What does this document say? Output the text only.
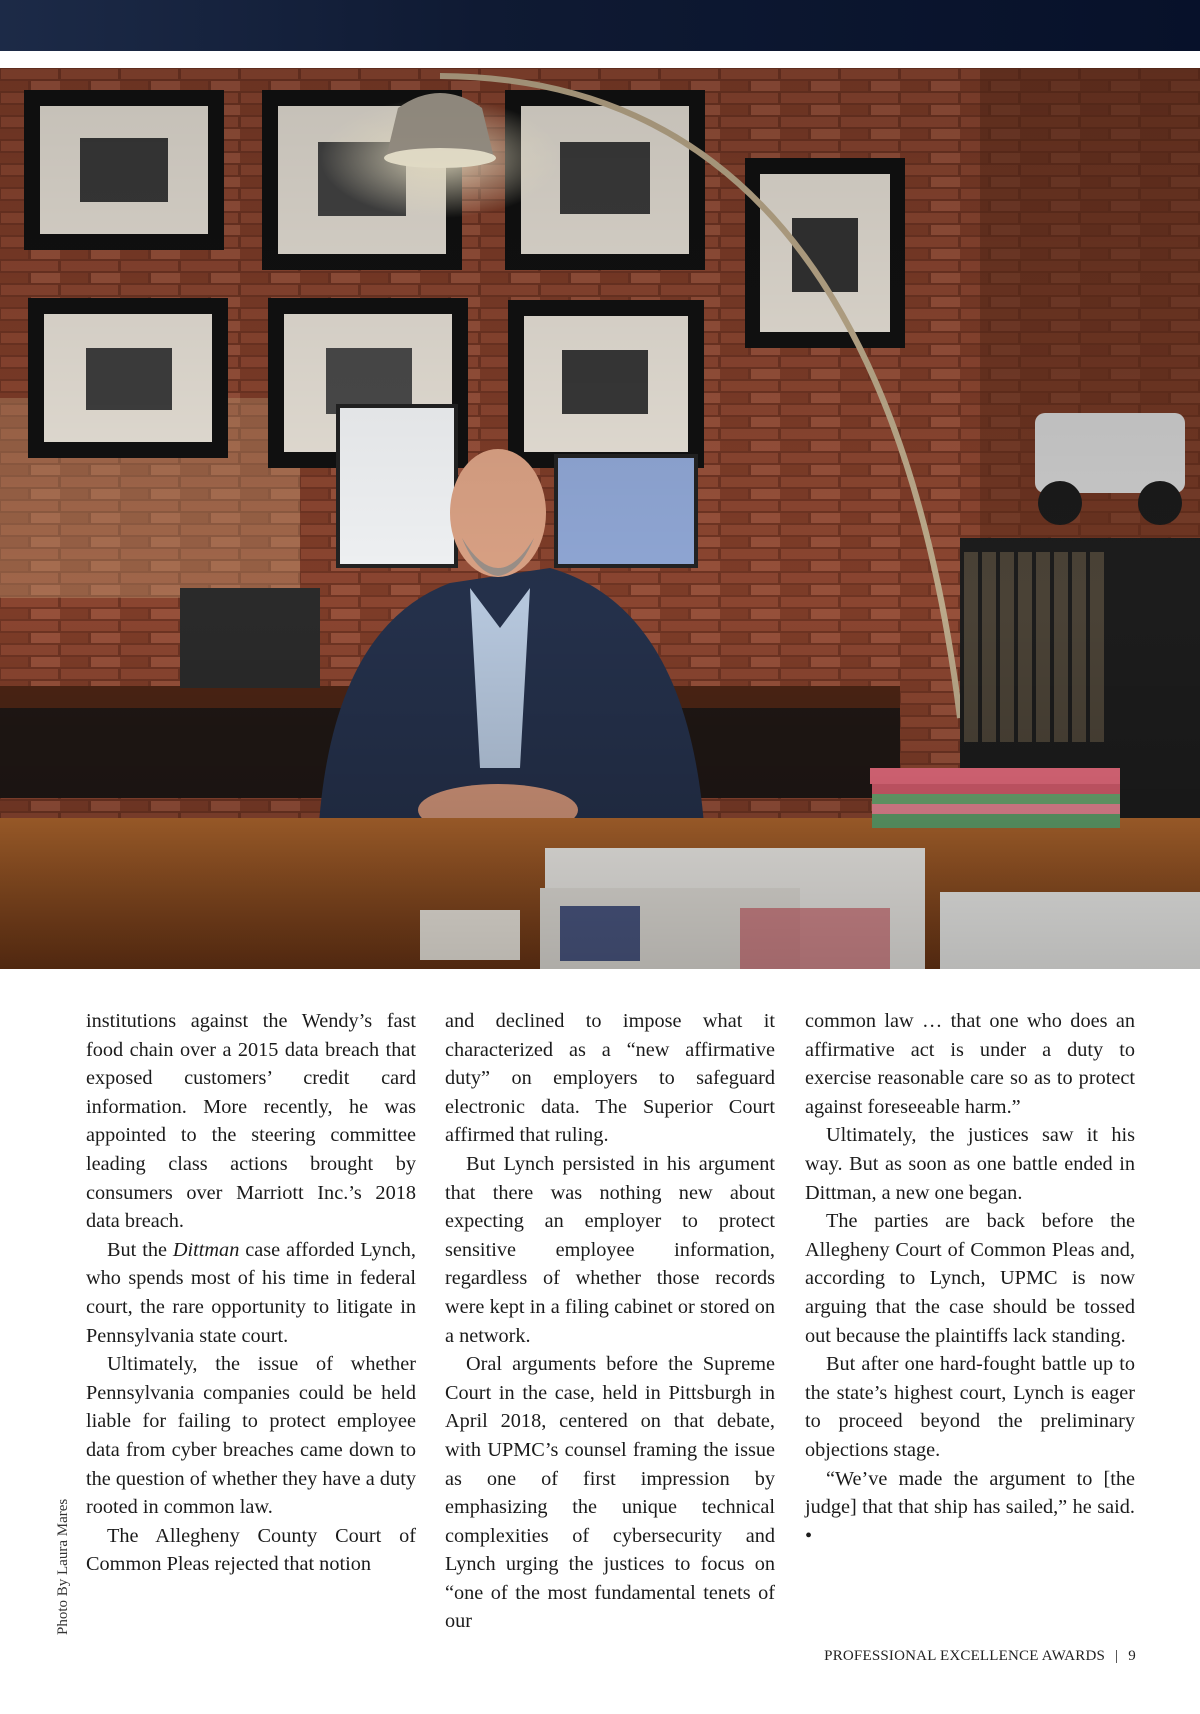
Photo By Laura Mares

institutions against the Wendy’s fast food chain over a 2015 data breach that exposed customers’ credit card information. More recently, he was appointed to the steering committee leading class actions brought by consumers over Marriott Inc.’s 2018 data breach.

But the Dittman case afforded Lynch, who spends most of his time in federal court, the rare opportunity to litigate in Pennsylvania state court.

Ultimately, the issue of whether Pennsylvania companies could be held liable for failing to protect employee data from cyber breaches came down to the question of whether they have a duty rooted in common law.

The Allegheny County Court of Common Pleas rejected that notion

and declined to impose what it characterized as a “new affirmative duty” on employers to safeguard electronic data. The Superior Court affirmed that ruling.

But Lynch persisted in his argument that there was nothing new about expecting an employer to protect sensitive employee information, regardless of whether those records were kept in a filing cabinet or stored on a network.

Oral arguments before the Supreme Court in the case, held in Pittsburgh in April 2018, centered on that debate, with UPMC’s counsel framing the issue as one of first impression by emphasizing the unique technical complexities of cybersecurity and Lynch urging the justices to focus on “one of the most fundamental tenets of our

common law … that one who does an affirmative act is under a duty to exercise reasonable care so as to protect against foreseeable harm.”

Ultimately, the justices saw it his way. But as soon as one battle ended in Dittman, a new one began.

The parties are back before the Allegheny Court of Common Pleas and, according to Lynch, UPMC is now arguing that the case should be tossed out because the plaintiffs lack standing.

But after one hard-fought battle up to the state’s highest court, Lynch is eager to proceed beyond the preliminary objections stage.

“We’ve made the argument to [the judge] that that ship has sailed,” he said. •

PROFESSIONAL EXCELLENCE AWARDS | 9
